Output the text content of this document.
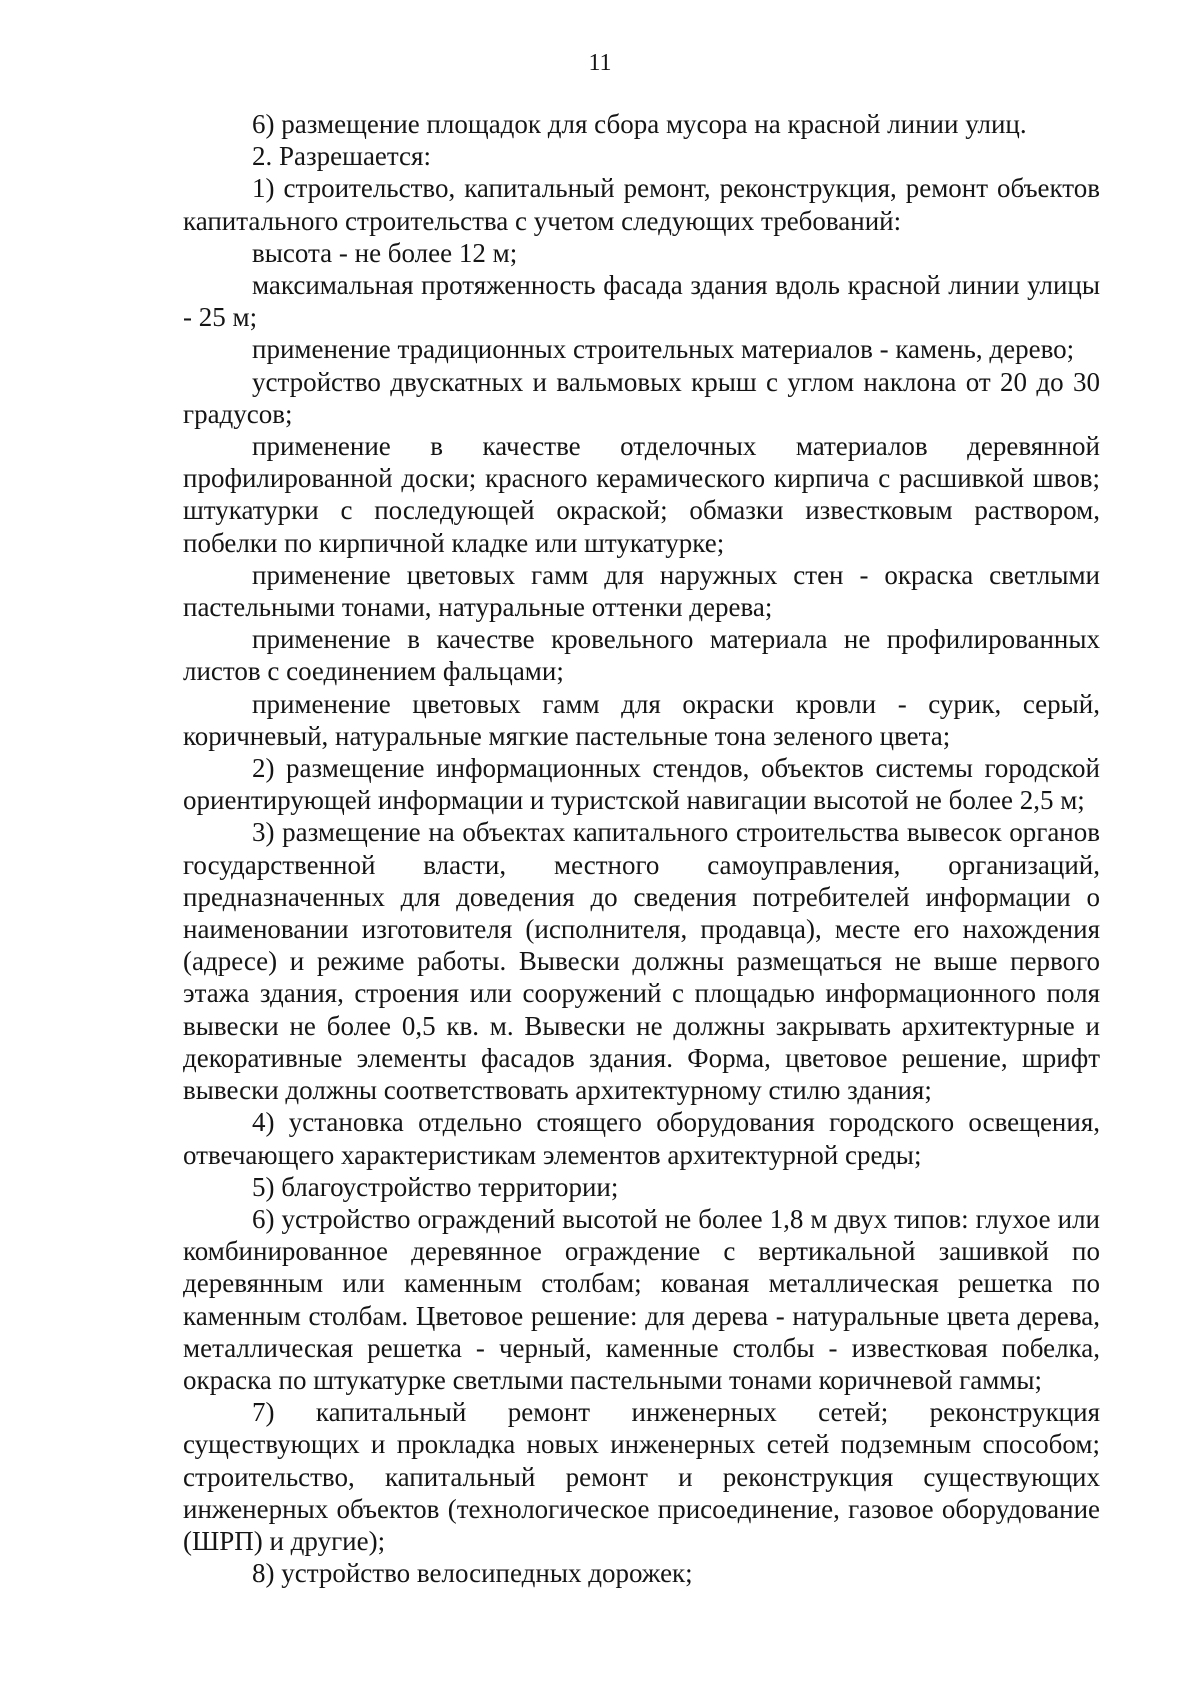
11

6) размещение площадок для сбора мусора на красной линии улиц.

2. Разрешается:

1) строительство, капитальный ремонт, реконструкция, ремонт объектов капитального строительства с учетом следующих требований:

высота - не более 12 м;

максимальная протяженность фасада здания вдоль красной линии улицы - 25 м;

применение традиционных строительных материалов - камень, дерево;

устройство двускатных и вальмовых крыш с углом наклона от 20 до 30 градусов;

применение в качестве отделочных материалов деревянной профилированной доски; красного керамического кирпича с расшивкой швов; штукатурки с последующей окраской; обмазки известковым раствором, побелки по кирпичной кладке или штукатурке;

применение цветовых гамм для наружных стен - окраска светлыми пастельными тонами, натуральные оттенки дерева;

применение в качестве кровельного материала не профилированных листов с соединением фальцами;

применение цветовых гамм для окраски кровли - сурик, серый, коричневый, натуральные мягкие пастельные тона зеленого цвета;

2) размещение информационных стендов, объектов системы городской ориентирующей информации и туристской навигации высотой не более 2,5 м;

3) размещение на объектах капитального строительства вывесок органов государственной власти, местного самоуправления, организаций, предназначенных для доведения до сведения потребителей информации о наименовании изготовителя (исполнителя, продавца), месте его нахождения (адресе) и режиме работы. Вывески должны размещаться не выше первого этажа здания, строения или сооружений с площадью информационного поля вывески не более 0,5 кв. м. Вывески не должны закрывать архитектурные и декоративные элементы фасадов здания. Форма, цветовое решение, шрифт вывески должны соответствовать архитектурному стилю здания;

4) установка отдельно стоящего оборудования городского освещения, отвечающего характеристикам элементов архитектурной среды;

5) благоустройство территории;

6) устройство ограждений высотой не более 1,8 м двух типов: глухое или комбинированное деревянное ограждение с вертикальной зашивкой по деревянным или каменным столбам; кованая металлическая решетка по каменным столбам. Цветовое решение: для дерева - натуральные цвета дерева, металлическая решетка - черный, каменные столбы - известковая побелка, окраска по штукатурке светлыми пастельными тонами коричневой гаммы;

7) капитальный ремонт инженерных сетей; реконструкция существующих и прокладка новых инженерных сетей подземным способом; строительство, капитальный ремонт и реконструкция существующих инженерных объектов (технологическое присоединение, газовое оборудование (ШРП) и другие);

8) устройство велосипедных дорожек;
